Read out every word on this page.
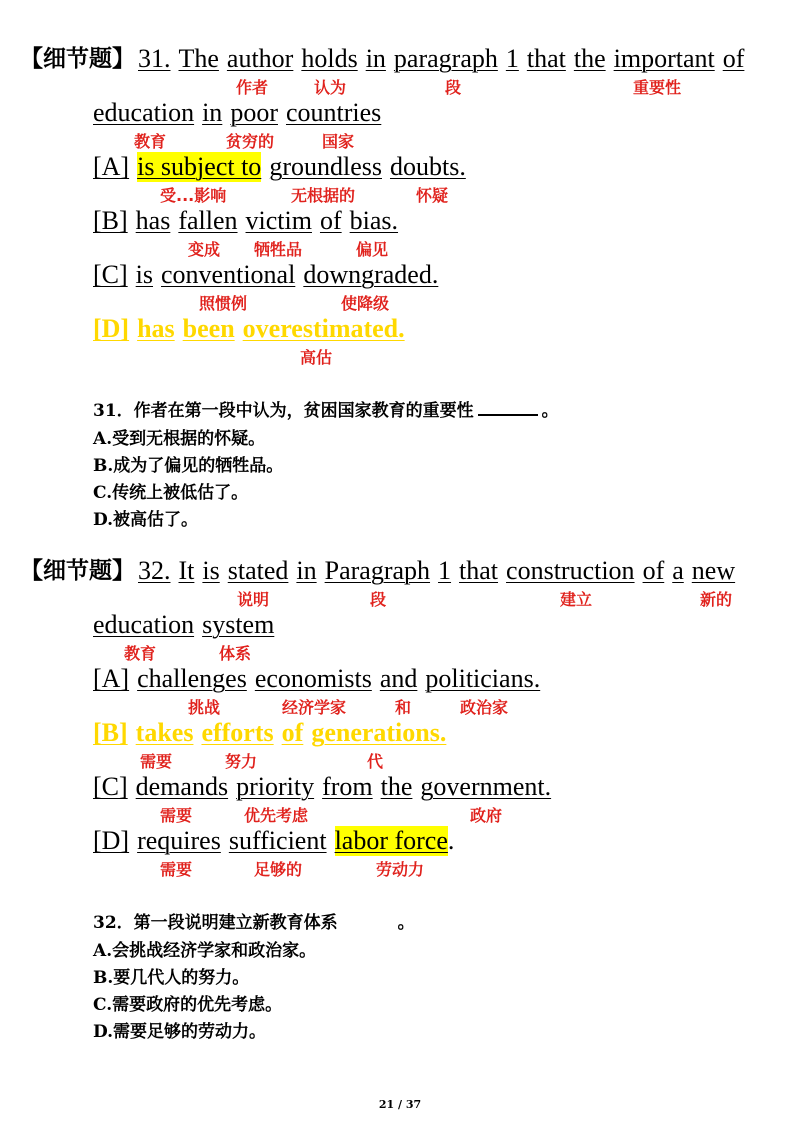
【细节题】 31. The author holds in paragraph 1 that the important of
作者	认为	段	重要性
education in poor countries
教育	贫穷的	国家
[A] is subject to groundless doubts.
受...影响	无根据的	怀疑
[B] has fallen victim of bias.
变成 牺牲品	偏见
[C] is conventional downgraded.
照惯例	使降级
[D] has been overestimated.
高估
31．作者在第一段中认为，贫困国家教育的重要性	。
A.受到无根据的怀疑。
B.成为了偏见的牺牲品。
C.传统上被低估了。
D.被高估了。
【细节题】 32. It is stated in Paragraph 1 that construction of a new
说明	段	建立	新的
education system
教育	体系
[A] challenges economists and politicians.
挑战	经济学家	和	政治家
[B] takes efforts of generations.
需要	努力	代
[C] demands priority from the government.
需要	优先考虑	政府
[D] requires sufficient labor force.
需要	足够的	劳动力
32．第一段说明建立新教育体系	。
A.会挑战经济学家和政治家。
B.要几代人的努力。
C.需要政府的优先考虑。
D.需要足够的劳动力。
21 / 37
